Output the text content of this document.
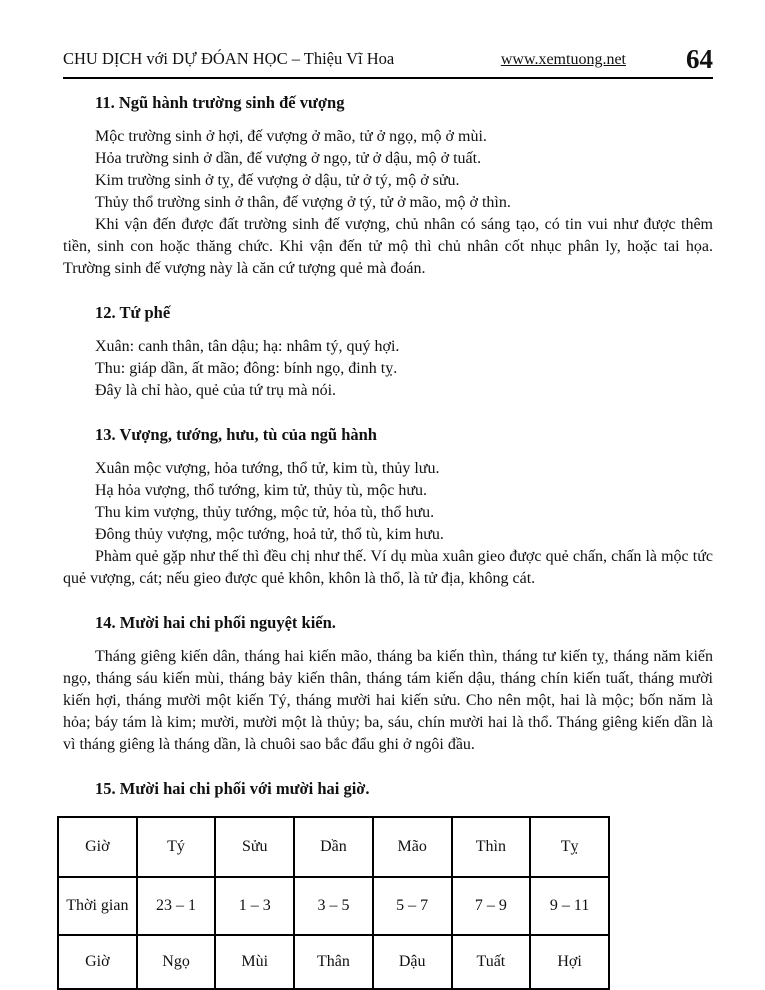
CHU DỊCH với DỰ ĐÓAN HỌC – Thiệu Vĩ Hoa	www.xemtuong.net 64

11. Ngũ hành trường sinh đế vượng

Mộc trường sinh ở hợi, đế vượng ở mão, tử ở ngọ, mộ ở mùi.

Hỏa trường sinh ở dần, đế vượng ở ngọ, tử ở dậu, mộ ở tuất.

Kim trường sinh ở tỵ, đế vượng ở dậu, tử ở tý, mộ ở sửu.

Thủy thổ trường sinh ở thân, đế vượng ở tý, tử ở mão, mộ ở thìn.

Khi vận đến được đất trường sinh đế vượng, chủ nhân có sáng tạo, có tin vui như được thêm tiền, sinh con hoặc thăng chức. Khi vận đến tử mộ thì chủ nhân cốt nhục phân ly, hoặc tai họa. Trường sinh đế vượng này là căn cứ tượng quẻ mà đoán.

12. Tứ phế

Xuân: canh thân, tân dậu; hạ: nhâm tý, quý hợi.

Thu: giáp dần, ất mão; đông: bính ngọ, đinh tỵ.

Đây là chỉ hào, quẻ của tứ trụ mà nói.

13. Vượng, tướng, hưu, tù của ngũ hành

Xuân mộc vượng, hỏa tướng, thổ tử, kim tù, thủy lưu.

Hạ hỏa vượng, thổ tướng, kim tử, thủy tù, mộc hưu.

Thu kim vượng, thủy tướng, mộc tử, hỏa tù, thổ hưu.

Đông thủy vượng, mộc tướng, hoả tử, thổ tù, kim hưu.

Phàm quẻ gặp như thế thì đều chị như thế. Ví dụ mùa xuân gieo được quẻ chấn, chấn là mộc tức quẻ vượng, cát; nếu gieo được quẻ khôn, khôn là thổ, là tử địa, không cát.

14. Mười hai chi phối nguyệt kiến.

Tháng giêng kiến dân, tháng hai kiến mão, tháng ba kiến thìn, tháng tư kiến tỵ, tháng năm kiến ngọ, tháng sáu kiến mùi, tháng bảy kiến thân, tháng tám kiến dậu, tháng chín kiến tuất, tháng mười kiến hợi, tháng mười một kiến Tý, tháng mười hai kiến sửu. Cho nên một, hai là mộc; bốn năm là hỏa; báy tám là kim; mười, mười một là thủy; ba, sáu, chín mười hai là thổ. Tháng giêng kiến dần là vì tháng giêng là tháng dần, là chuôi sao bắc đẩu ghi ở ngôi đầu.

15. Mười hai chi phối với mười hai giờ.

Giờ	Tý	Sửu	Dần	Mão	Thìn	Tỵ
Thời gian	23 – 1	1 – 3	3 – 5	5 – 7	7 – 9	9 – 11
Giờ	Ngọ	Mùi	Thân	Dậu	Tuất	Hợi
